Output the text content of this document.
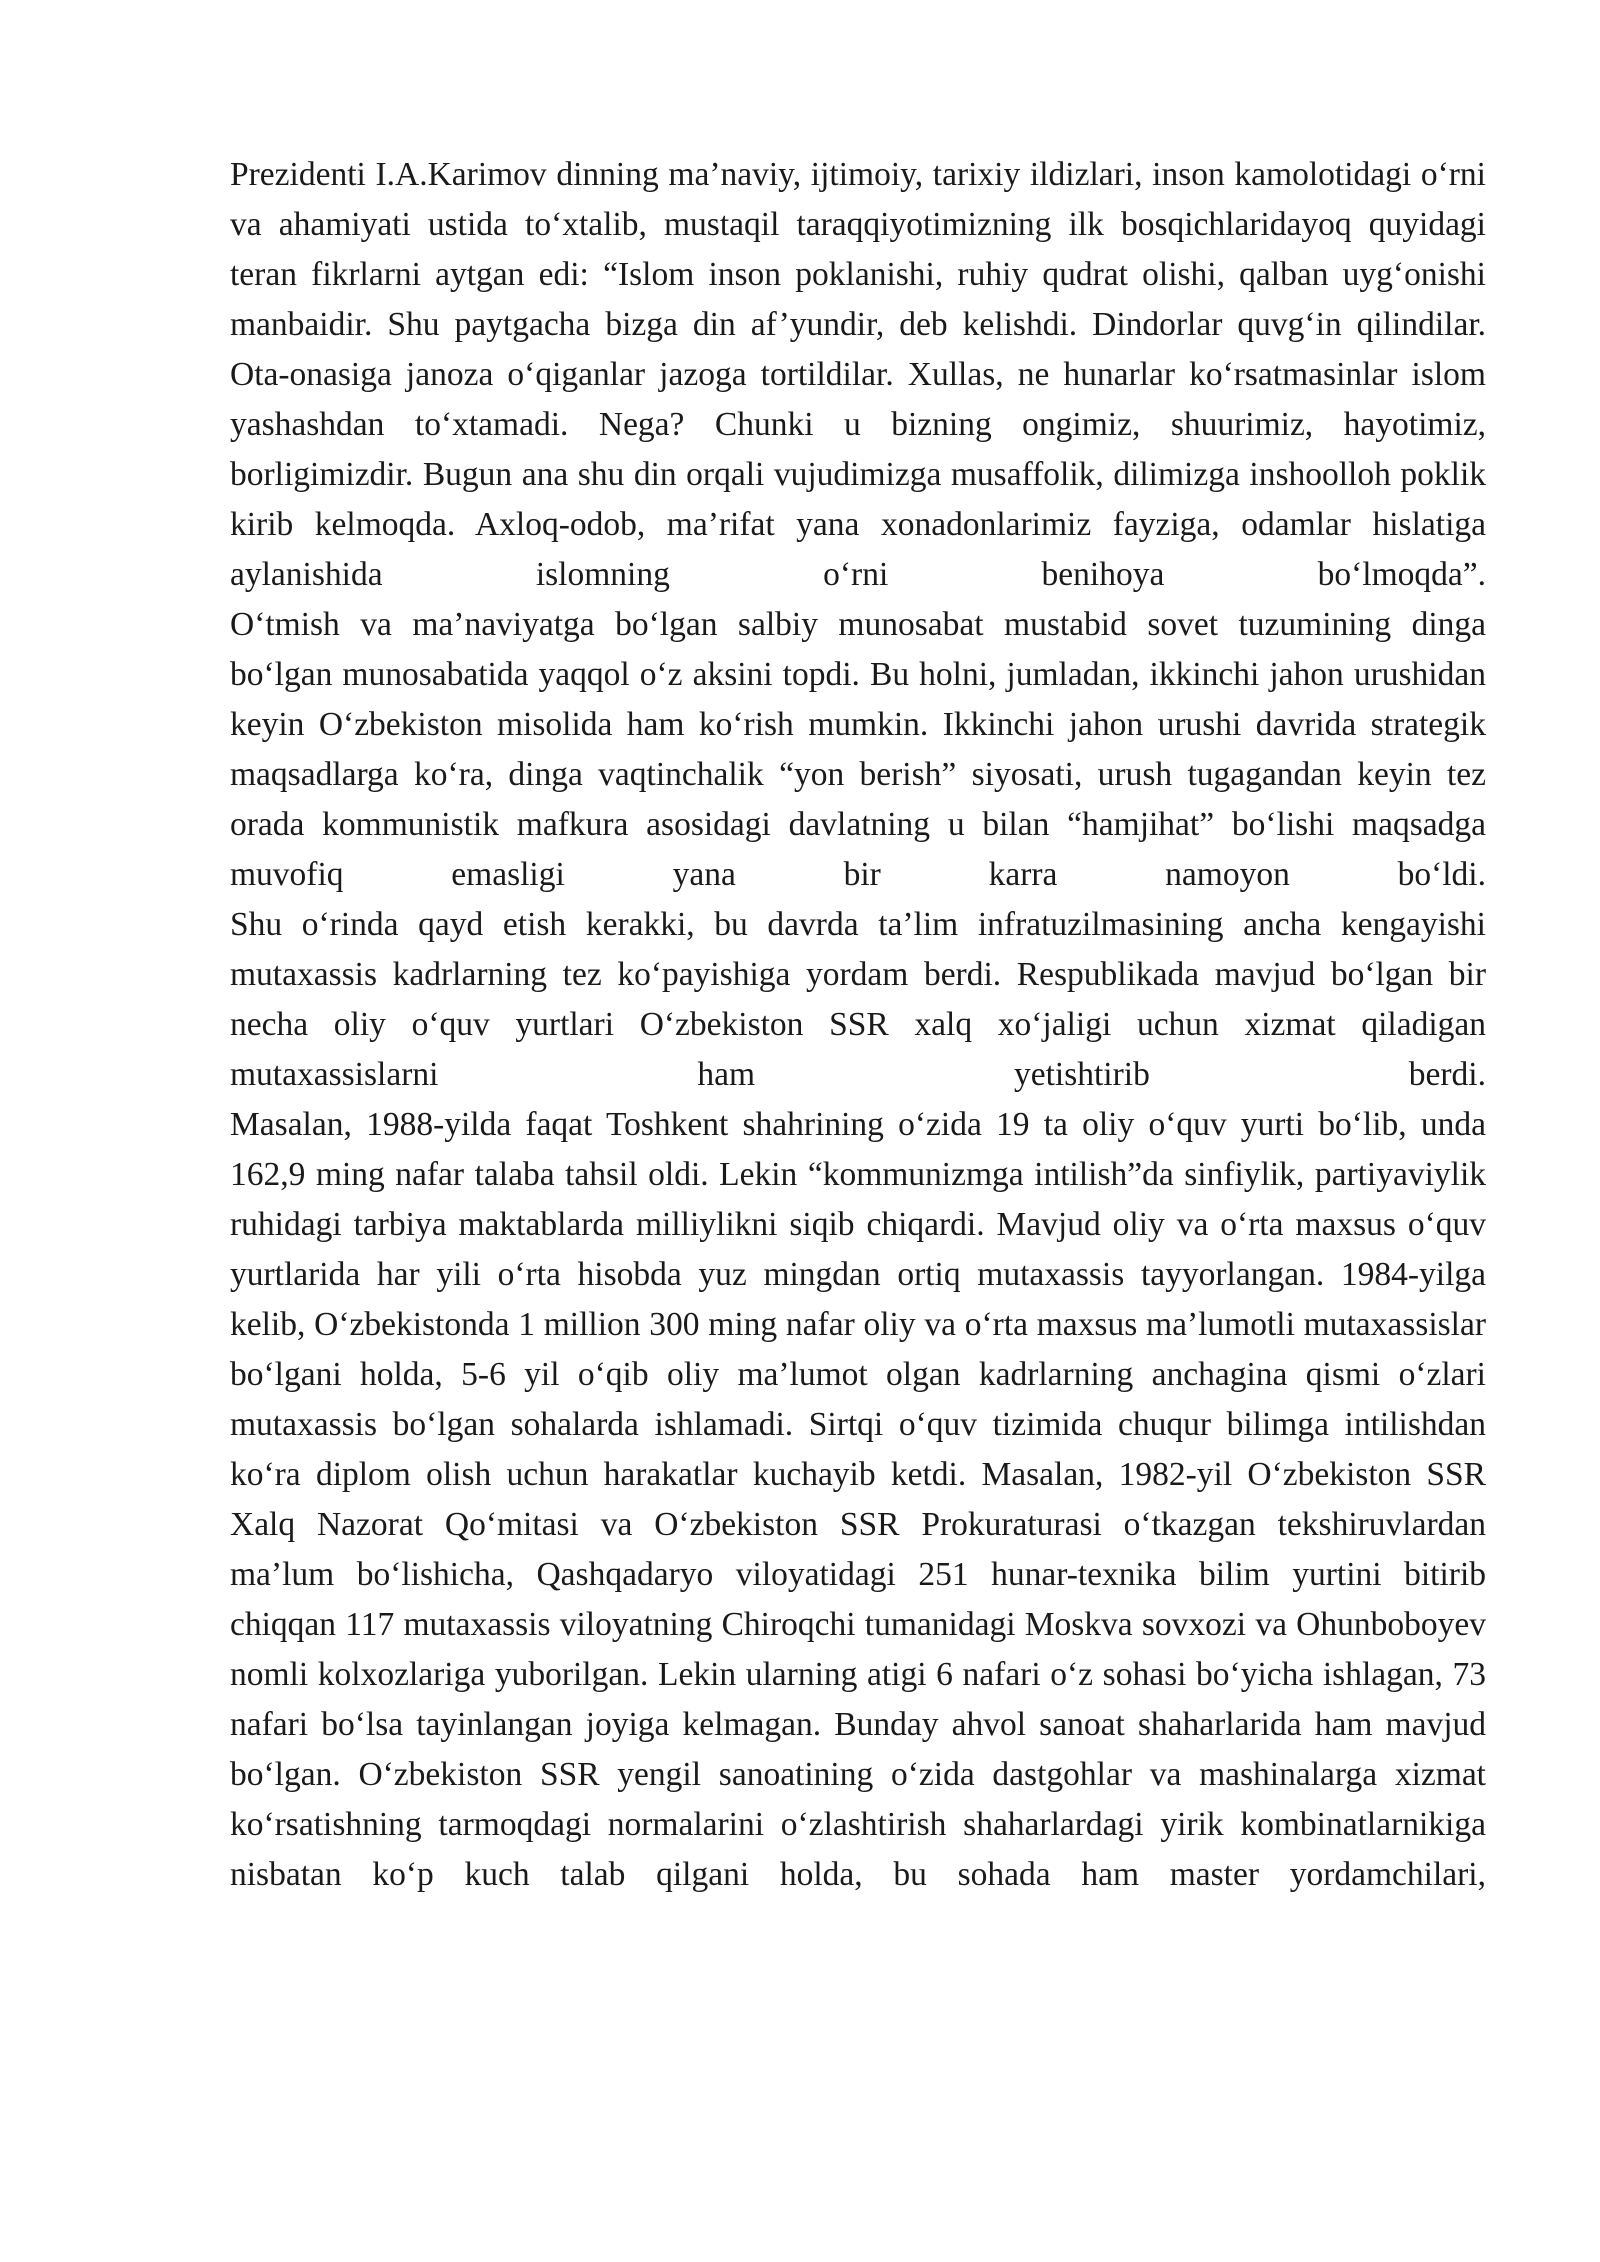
Prezidenti I.A.Karimov dinning ma’naviy, ijtimoiy, tarixiy ildizlari, inson kamolotidagi o‘rni va ahamiyati ustida to‘xtalib, mustaqil taraqqiyotimizning ilk bosqichlaridayoq quyidagi teran fikrlarni aytgan edi: “Islom inson poklanishi, ruhiy qudrat olishi, qalban uyg‘onishi manbaidir. Shu paytgacha bizga din af’yundir, deb kelishdi. Dindorlar quvg‘in qilindilar. Ota-onasiga janoza o‘qiganlar jazoga tortildilar. Xullas, ne hunarlar ko‘rsatmasinlar islom yashashdan to‘xtamadi. Nega? Chunki u bizning ongimiz, shuurimiz, hayotimiz, borligimizdir. Bugun ana shu din orqali vujudimizga musaffolik, dilimizga inshoolloh poklik kirib kelmoqda. Axloq-odob, ma’rifat yana xonadonlarimiz fayziga, odamlar hislatiga aylanishida islomning o‘rni benihoya bo‘lmoqda”.

O‘tmish va ma’naviyatga bo‘lgan salbiy munosabat mustabid sovet tuzumining dinga bo‘lgan munosabatida yaqqol o‘z aksini topdi. Bu holni, jumladan, ikkinchi jahon urushidan keyin O‘zbekiston misolida ham ko‘rish mumkin. Ikkinchi jahon urushi davrida strategik maqsadlarga ko‘ra, dinga vaqtinchalik “yon berish” siyosati, urush tugagandan keyin tez orada kommunistik mafkura asosidagi davlatning u bilan “hamjihat” bo‘lishi maqsadga muvofiq emasligi yana bir karra namoyon bo‘ldi.

Shu o‘rinda qayd etish kerakki, bu davrda ta’lim infratuzilmasining ancha kengayishi mutaxassis kadrlarning tez ko‘payishiga yordam berdi. Respublikada mavjud bo‘lgan bir necha oliy o‘quv yurtlari O‘zbekiston SSR xalq xo‘jaligi uchun xizmat qiladigan mutaxassislarni ham yetishtirib berdi.

Masalan, 1988-yilda faqat Toshkent shahrining o‘zida 19 ta oliy o‘quv yurti bo‘lib, unda 162,9 ming nafar talaba tahsil oldi. Lekin “kommunizmga intilish”da sinfiylik, partiyaviylik ruhidagi tarbiya maktablarda milliylikni siqib chiqardi. Mavjud oliy va o‘rta maxsus o‘quv yurtlarida har yili o‘rta hisobda yuz mingdan ortiq mutaxassis tayyorlangan. 1984-yilga kelib, O‘zbekistonda 1 million 300 ming nafar oliy va o‘rta maxsus ma’lumotli mutaxassislar bo‘lgani holda, 5-6 yil o‘qib oliy ma’lumot olgan kadrlarning anchagina qismi o‘zlari mutaxassis bo‘lgan sohalarda ishlamadi. Sirtqi o‘quv tizimida chuqur bilimga intilishdan ko‘ra diplom olish uchun harakatlar kuchayib ketdi. Masalan, 1982-yil O‘zbekiston SSR Xalq Nazorat Qo‘mitasi va O‘zbekiston SSR Prokuraturasi o‘tkazgan tekshiruvlardan ma’lum bo‘lishicha, Qashqadaryo viloyatidagi 251 hunar-texnika bilim yurtini bitirib chiqqan 117 mutaxassis viloyatning Chiroqchi tumanidagi Moskva sovxozi va Ohunboboyev nomli kolxozlariga yuborilgan. Lekin ularning atigi 6 nafari o‘z sohasi bo‘yicha ishlagan, 73 nafari bo‘lsa tayinlangan joyiga kelmagan. Bunday ahvol sanoat shaharlarida ham mavjud bo‘lgan. O‘zbekiston SSR yengil sanoatining o‘zida dastgohlar va mashinalarga xizmat ko‘rsatishning tarmoqdagi normalarini o‘zlashtirish shaharlardagi yirik kombinatlarnikiga nisbatan ko‘p kuch talab qilgani holda, bu sohada ham master yordamchilari,
